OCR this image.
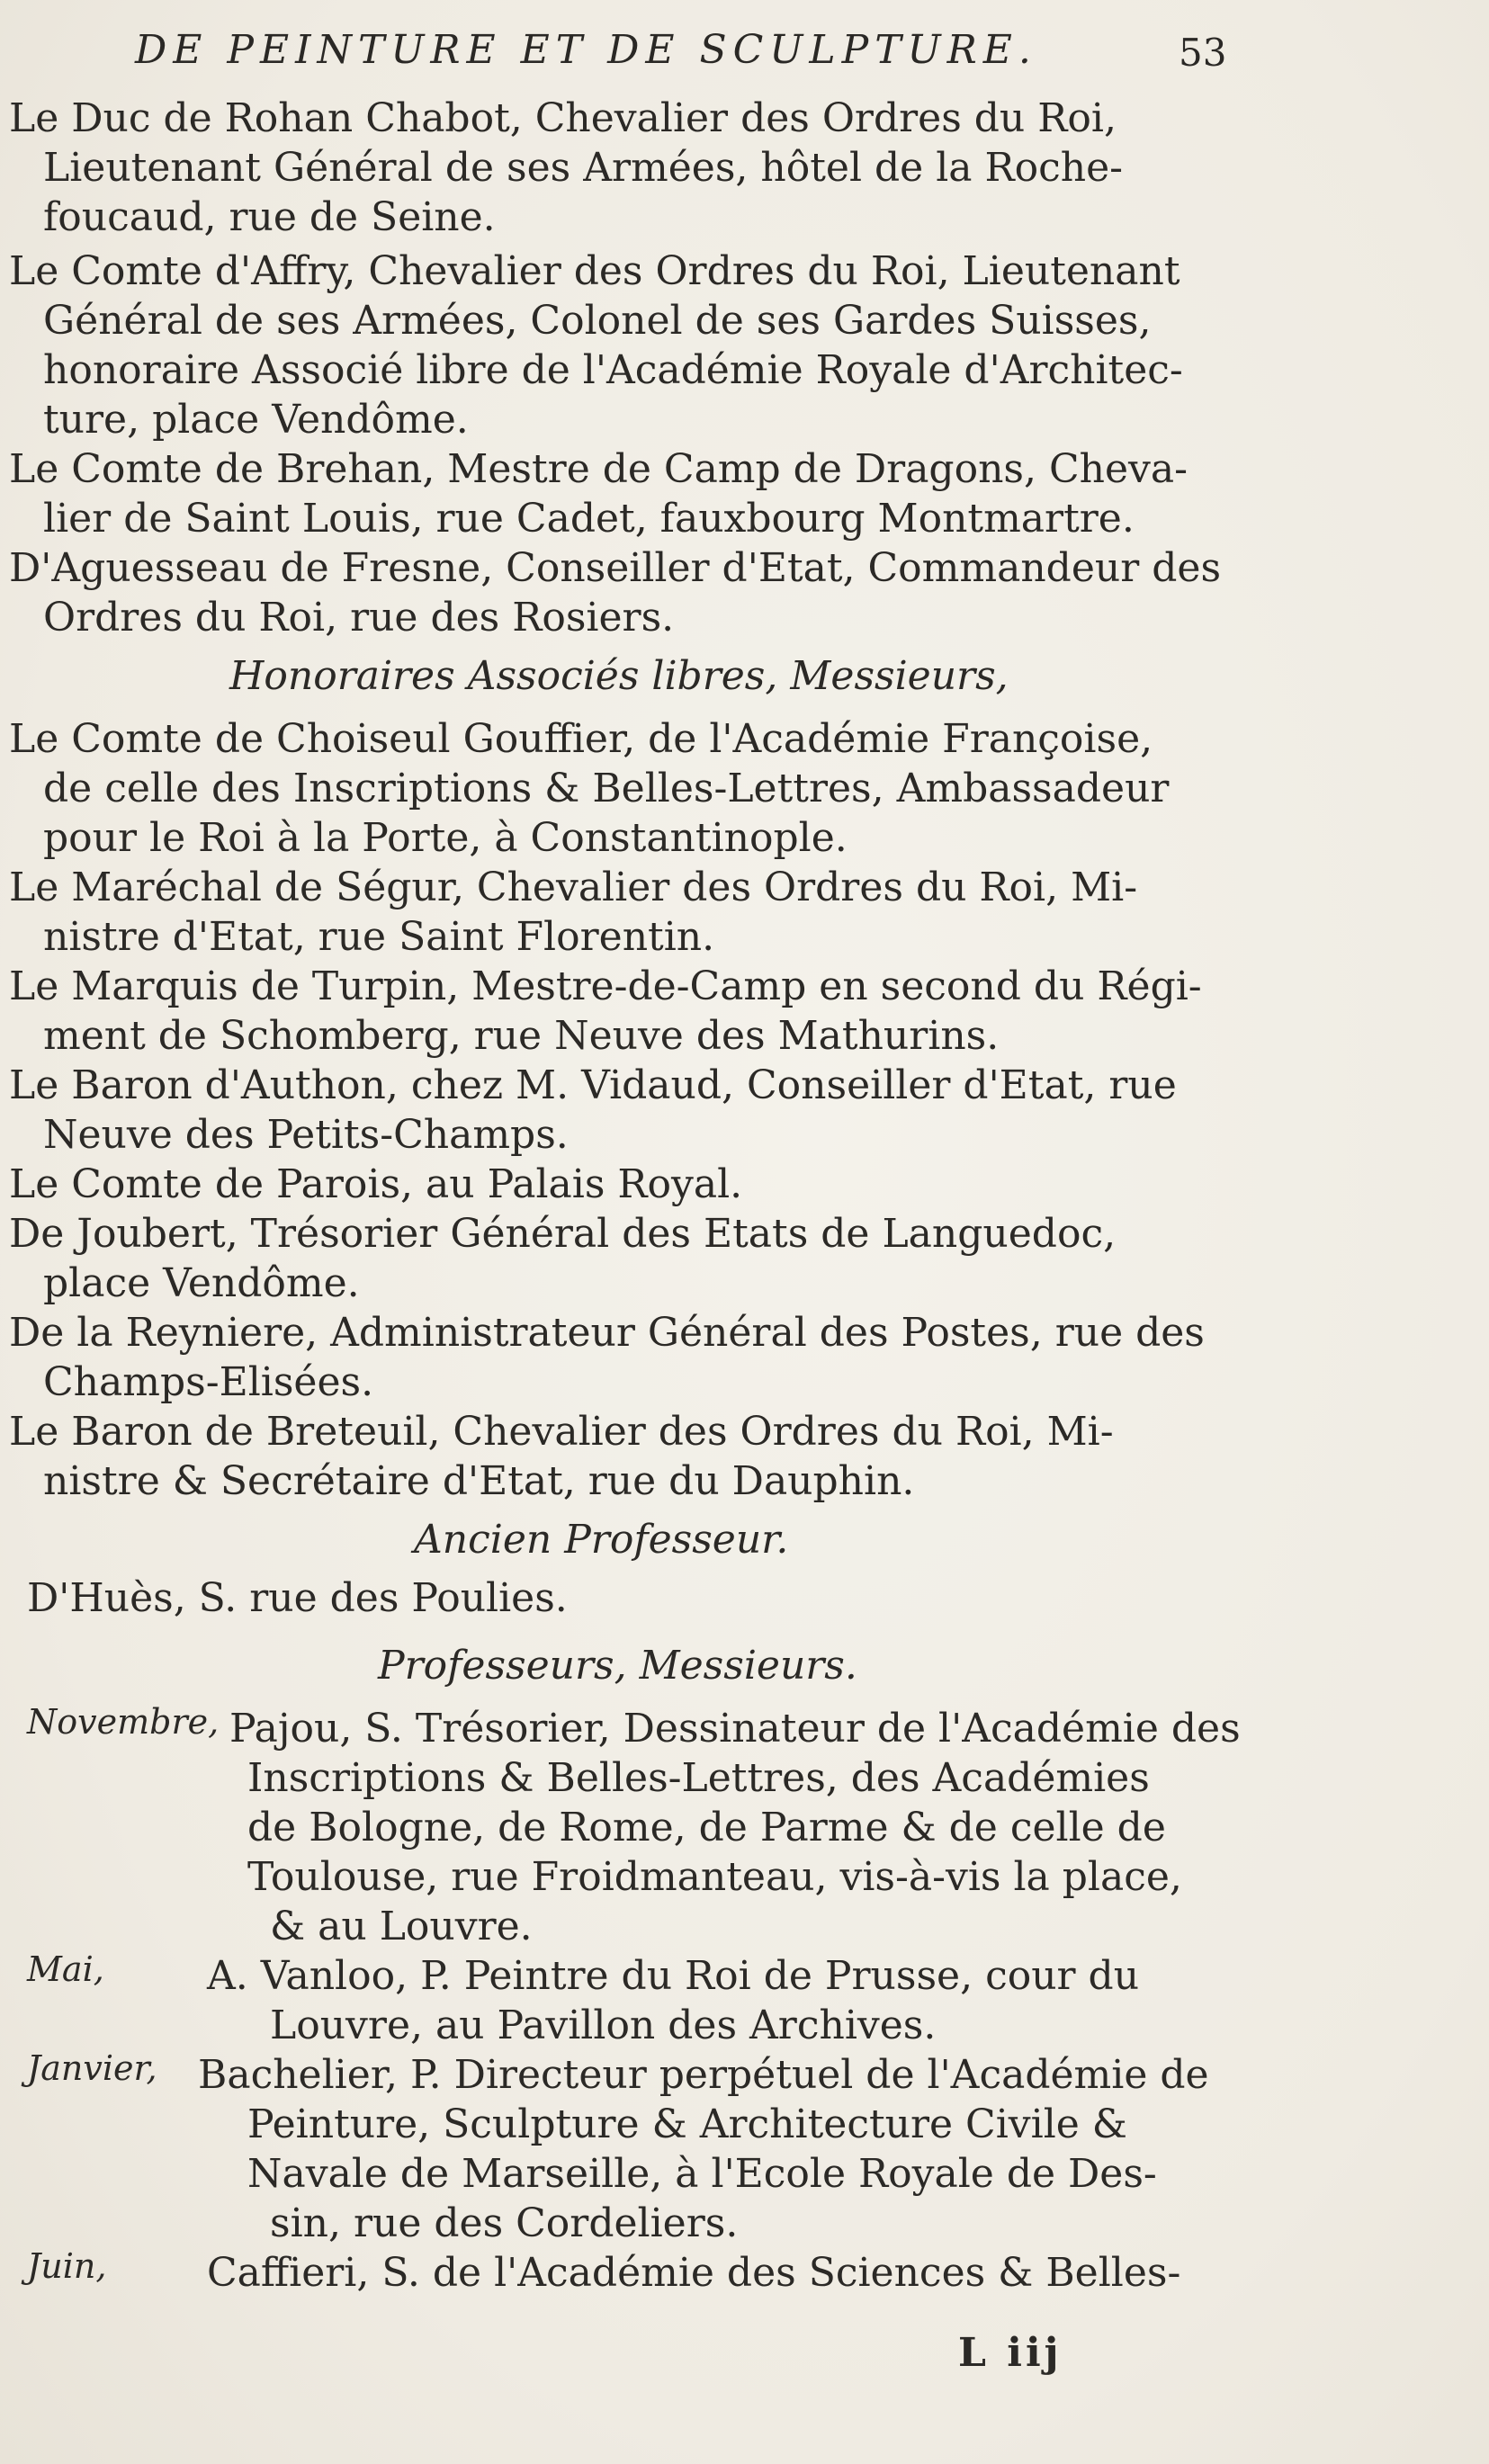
DE PEINTURE ET DE SCULPTURE.	53
Le Duc de Rohan Chabot, Chevalier des Ordres du Roi,
Lieutenant Général de ses Armées, hôtel de la Roche-
foucaud, rue de Seine.
Le Comte d'Affry, Chevalier des Ordres du Roi, Lieutenant
Général de ses Armées, Colonel de ses Gardes Suisses,
honoraire Associé libre de l'Académie Royale d'Architec-
ture, place Vendôme.
Le Comte de Brehan, Mestre de Camp de Dragons, Cheva-
lier de Saint Louis, rue Cadet, fauxbourg Montmartre.
D'Aguesseau de Fresne, Conseiller d'Etat, Commandeur des
Ordres du Roi, rue des Rosiers.
Honoraires Associés libres, Messieurs,
Le Comte de Choiseul Gouffier, de l'Académie Françoise,
de celle des Inscriptions & Belles-Lettres, Ambassadeur
pour le Roi à la Porte, à Constantinople.
Le Maréchal de Ségur, Chevalier des Ordres du Roi, Mi-
nistre d'Etat, rue Saint Florentin.
Le Marquis de Turpin, Mestre-de-Camp en second du Régi-
ment de Schomberg, rue Neuve des Mathurins.
Le Baron d'Authon, chez M. Vidaud, Conseiller d'Etat, rue
Neuve des Petits-Champs.
Le Comte de Parois, au Palais Royal.
De Joubert, Trésorier Général des Etats de Languedoc,
place Vendôme.
De la Reyniere, Administrateur Général des Postes, rue des
Champs-Elisées.
Le Baron de Breteuil, Chevalier des Ordres du Roi, Mi-
nistre & Secrétaire d'Etat, rue du Dauphin.
Ancien Professeur.
D'Huès, S. rue des Poulies.
Professeurs, Messieurs.
Novembre, Pajou, S. Trésorier, Dessinateur de l'Académie des
Inscriptions & Belles-Lettres, des Académies
de Bologne, de Rome, de Parme & de celle de
Toulouse, rue Froidmanteau, vis-à-vis la place,
& au Louvre.
Mai,	A. Vanloo, P. Peintre du Roi de Prusse, cour du
Louvre, au Pavillon des Archives.
Janvier, Bachelier, P. Directeur perpétuel de l'Académie de
Peinture, Sculpture & Architecture Civile &
Navale de Marseille, à l'Ecole Royale de Des-
sin, rue des Cordeliers.
Juin,	Caffieri, S. de l'Académie des Sciences & Belles-
L iij
